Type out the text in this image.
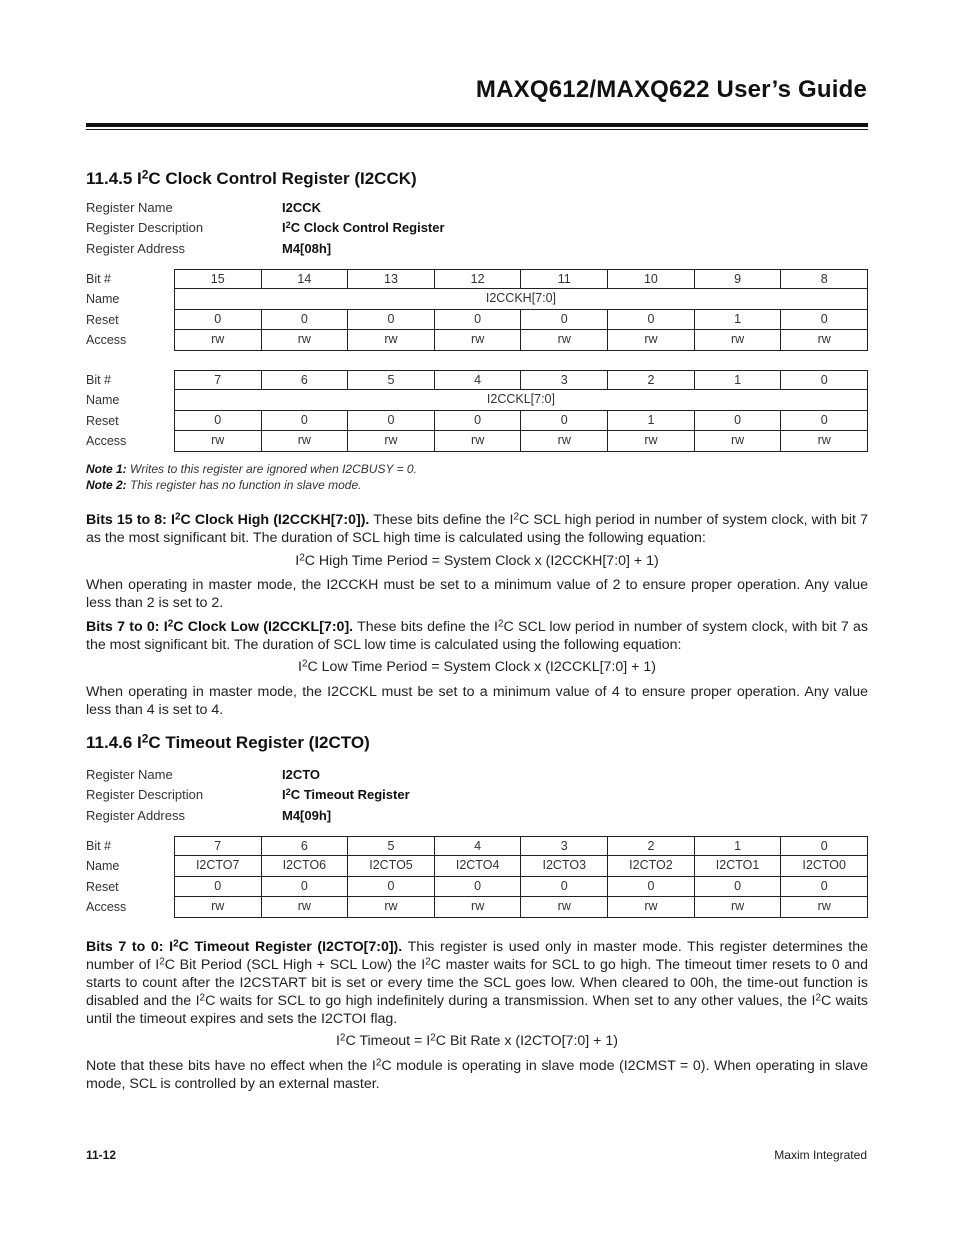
MAXQ612/MAXQ622 User’s Guide
11.4.5 $I^2C$ Clock Control Register (I2CCK)
Register Name	I2CCK
Register Description	$I^2C$ Clock Control Register
Register Address	M4[08h]
Bit #	15	14	13	12	11	10	9	8
Name	I2CCKH[7:0]
Reset	0	0	0	0	0	0	1	0
Access	rw	rw	rw	rw	rw	rw	rw	rw
Bit #	7	6	5	4	3	2	1	0
Name	I2CCKL[7:0]
Reset	0	0	0	0	0	1	0	0
Access	rw	rw	rw	rw	rw	rw	rw	rw
Note 1: Writes to this register are ignored when I2CBUSY = 0.
Note 2: This register has no function in slave mode.
Bits 15 to 8: $I^2C$ Clock High (I2CCKH[7:0]). These bits define the $I^2C$ SCL high period in number of system clock, with bit 7 as the most significant bit. The duration of SCL high time is calculated using the following equation:
$I^2C$ High Time Period = System Clock x (I2CCKH[7:0] + 1)
When operating in master mode, the I2CCKH must be set to a minimum value of 2 to ensure proper operation. Any value less than 2 is set to 2.
Bits 7 to 0: $I^2C$ Clock Low (I2CCKL[7:0]. These bits define the $I^2C$ SCL low period in number of system clock, with bit 7 as the most significant bit. The duration of SCL low time is calculated using the following equation:
$I^2C$ Low Time Period = System Clock x (I2CCKL[7:0] + 1)
When operating in master mode, the I2CCKL must be set to a minimum value of 4 to ensure proper operation. Any value less than 4 is set to 4.
11.4.6 $I^2C$ Timeout Register (I2CTO)
Register Name	I2CTO
Register Description	$I^2C$ Timeout Register
Register Address	M4[09h]
Bit #	7	6	5	4	3	2	1	0
Name	I2CTO7	I2CTO6	I2CTO5	I2CTO4	I2CTO3	I2CTO2	I2CTO1	I2CTO0
Reset	0	0	0	0	0	0	0	0
Access	rw	rw	rw	rw	rw	rw	rw	rw
Bits 7 to 0: $I^2C$ Timeout Register (I2CTO[7:0]). This register is used only in master mode. This register determines the number of $I^2C$ Bit Period (SCL High + SCL Low) the $I^2C$ master waits for SCL to go high. The timeout timer resets to 0 and starts to count after the I2CSTART bit is set or every time the SCL goes low. When cleared to 00h, the time-out function is disabled and the $I^2C$ waits for SCL to go high indefinitely during a transmission. When set to any other values, the $I^2C$ waits until the timeout expires and sets the I2CTOI flag.
$I^2C$ Timeout = $I^2C$ Bit Rate x (I2CTO[7:0] + 1)
Note that these bits have no effect when the $I^2C$ module is operating in slave mode (I2CMST = 0). When operating in slave mode, SCL is controlled by an external master.
11-12	Maxim Integrated
